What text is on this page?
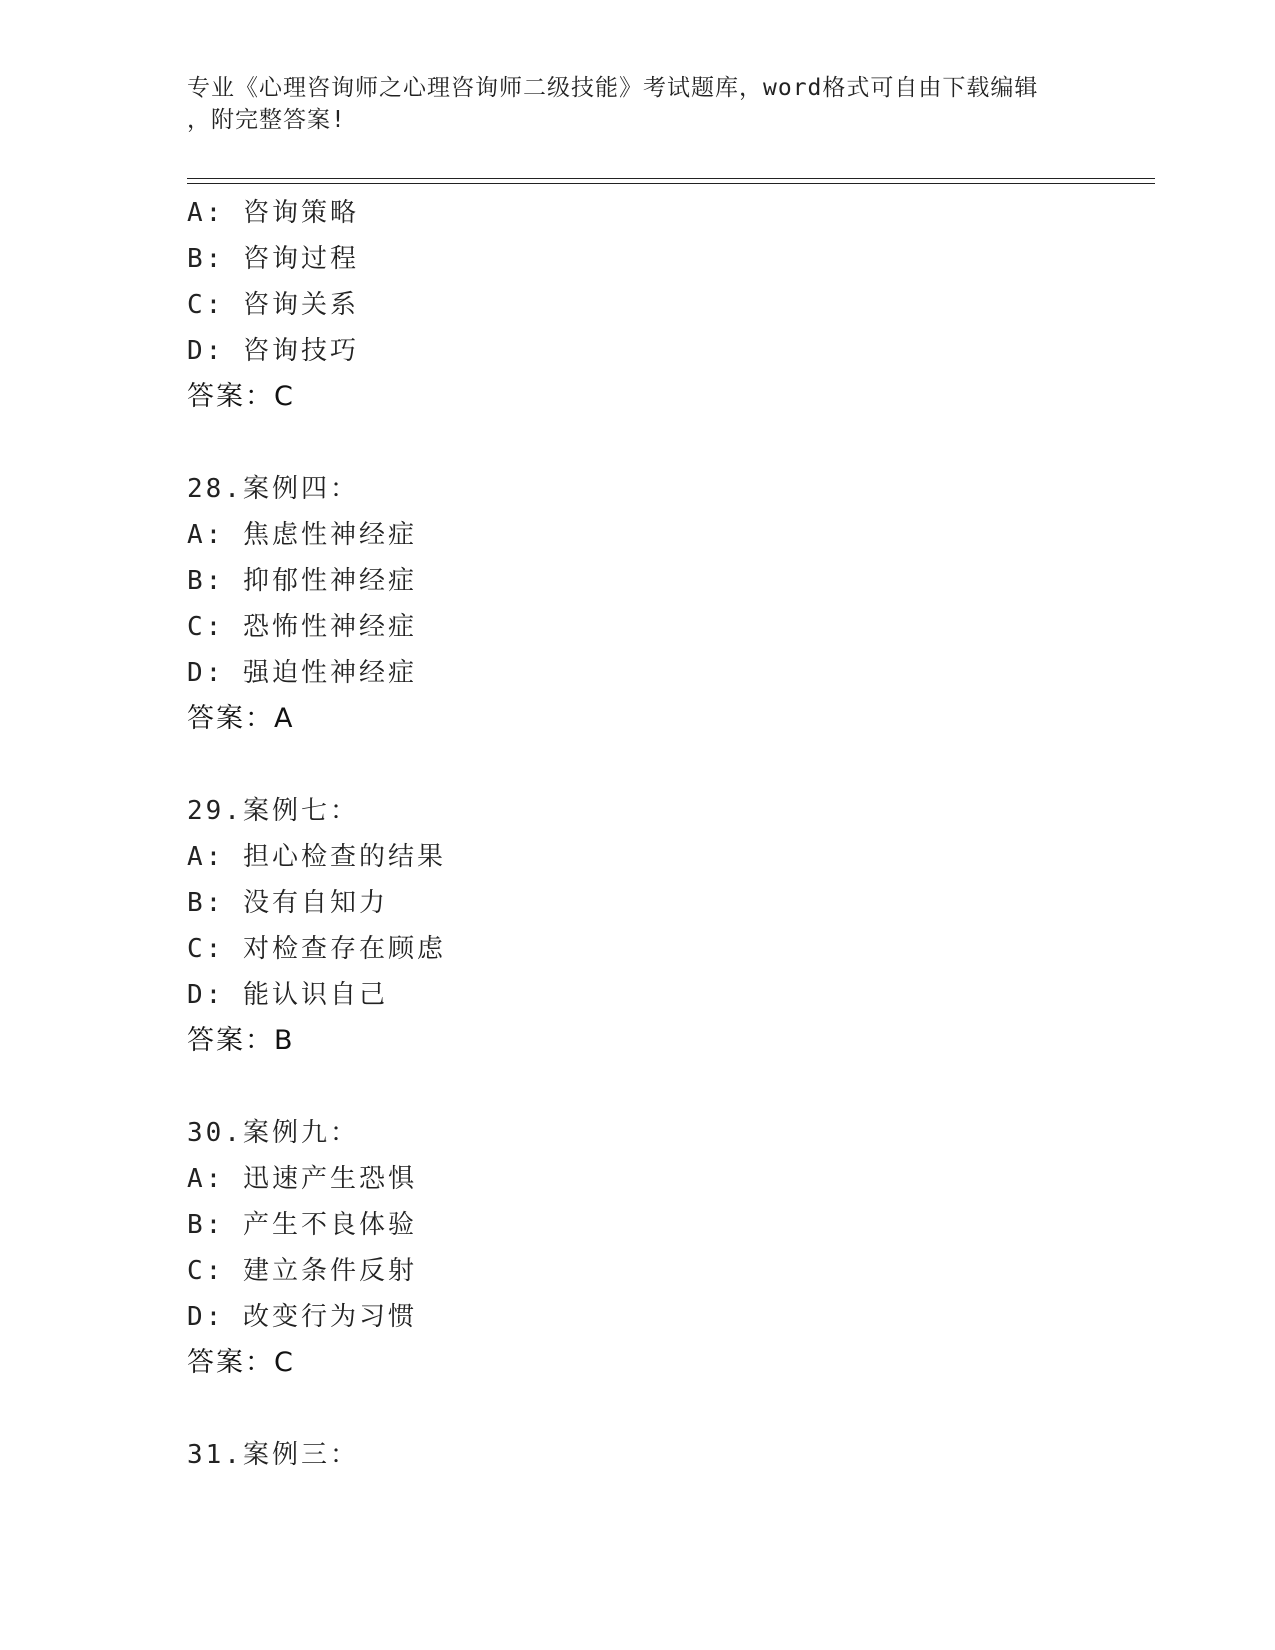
专业《心理咨询师之心理咨询师二级技能》考试题库，word格式可自由下载编辑
，附完整答案!
A: 咨询策略
B: 咨询过程
C: 咨询关系
D: 咨询技巧
答案：C
28.案例四：
A: 焦虑性神经症
B: 抑郁性神经症
C: 恐怖性神经症
D: 强迫性神经症
答案：A
29.案例七：
A: 担心检查的结果
B: 没有自知力
C: 对检查存在顾虑
D: 能认识自己
答案：B
30.案例九：
A: 迅速产生恐惧
B: 产生不良体验
C: 建立条件反射
D: 改变行为习惯
答案：C
31.案例三：
